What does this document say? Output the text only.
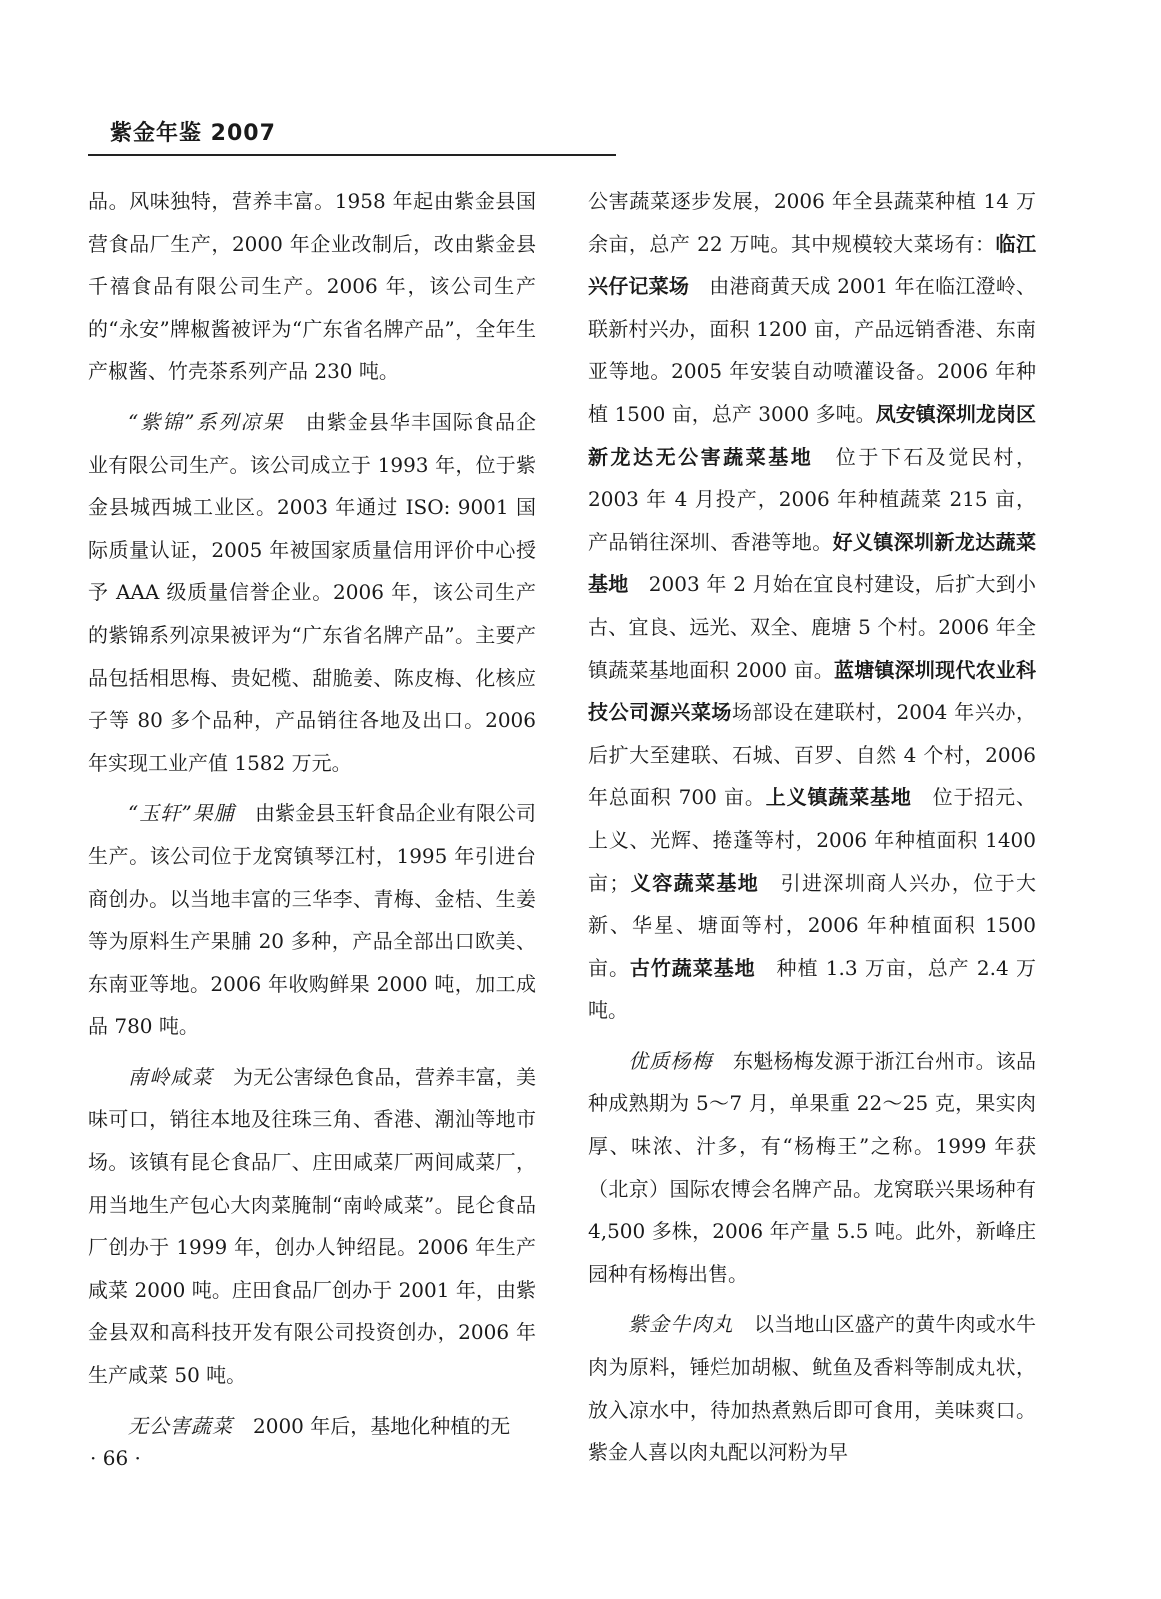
紫金年鉴 2007

品。风味独特，营养丰富。1958 年起由紫金县国营食品厂生产，2000 年企业改制后，改由紫金县千禧食品有限公司生产。2006 年，该公司生产的“永安”牌椒酱被评为“广东省名牌产品”，全年生产椒酱、竹壳茶系列产品 230 吨。

“紫锦”系列凉果　由紫金县华丰国际食品企业有限公司生产。该公司成立于 1993 年，位于紫金县城西城工业区。2003 年通过 ISO: 9001 国际质量认证，2005 年被国家质量信用评价中心授予 AAA 级质量信誉企业。2006 年，该公司生产的紫锦系列凉果被评为“广东省名牌产品”。主要产品包括相思梅、贵妃榄、甜脆姜、陈皮梅、化核应子等 80 多个品种，产品销往各地及出口。2006 年实现工业产值 1582 万元。

“玉轩”果脯　由紫金县玉轩食品企业有限公司生产。该公司位于龙窝镇琴江村，1995 年引进台商创办。以当地丰富的三华李、青梅、金桔、生姜等为原料生产果脯 20 多种，产品全部出口欧美、东南亚等地。2006 年收购鲜果 2000 吨，加工成品 780 吨。

南岭咸菜　为无公害绿色食品，营养丰富，美味可口，销往本地及往珠三角、香港、潮汕等地市场。该镇有昆仑食品厂、庄田咸菜厂两间咸菜厂，用当地生产包心大肉菜腌制“南岭咸菜”。昆仑食品厂创办于 1999 年，创办人钟绍昆。2006 年生产咸菜 2000 吨。庄田食品厂创办于 2001 年，由紫金县双和高科技开发有限公司投资创办，2006 年生产咸菜 50 吨。

无公害蔬菜　2000 年后，基地化种植的无

公害蔬菜逐步发展，2006 年全县蔬菜种植 14 万余亩，总产 22 万吨。其中规模较大菜场有：临江兴仔记菜场　由港商黄天成 2001 年在临江澄岭、联新村兴办，面积 1200 亩，产品远销香港、东南亚等地。2005 年安装自动喷灌设备。2006 年种植 1500 亩，总产 3000 多吨。凤安镇深圳龙岗区新龙达无公害蔬菜基地　位于下石及觉民村，2003 年 4 月投产，2006 年种植蔬菜 215 亩，产品销往深圳、香港等地。好义镇深圳新龙达蔬菜基地　2003 年 2 月始在宜良村建设，后扩大到小古、宜良、远光、双全、鹿塘 5 个村。2006 年全镇蔬菜基地面积 2000 亩。蓝塘镇深圳现代农业科技公司源兴菜场场部设在建联村，2004 年兴办，后扩大至建联、石城、百罗、自然 4 个村，2006 年总面积 700 亩。上义镇蔬菜基地　位于招元、上义、光辉、捲蓬等村，2006 年种植面积 1400 亩；义容蔬菜基地　引进深圳商人兴办，位于大新、华星、塘面等村，2006 年种植面积 1500 亩。古竹蔬菜基地　种植 1.3 万亩，总产 2.4 万吨。

优质杨梅　东魁杨梅发源于浙江台州市。该品种成熟期为 5～7 月，单果重 22～25 克，果实肉厚、味浓、汁多，有“杨梅王”之称。1999 年获（北京）国际农博会名牌产品。龙窝联兴果场种有 4,500 多株，2006 年产量 5.5 吨。此外，新峰庄园种有杨梅出售。

紫金牛肉丸　以当地山区盛产的黄牛肉或水牛肉为原料，锤烂加胡椒、鱿鱼及香料等制成丸状，放入凉水中，待加热煮熟后即可食用，美味爽口。紫金人喜以肉丸配以河粉为早

· 66 ·
